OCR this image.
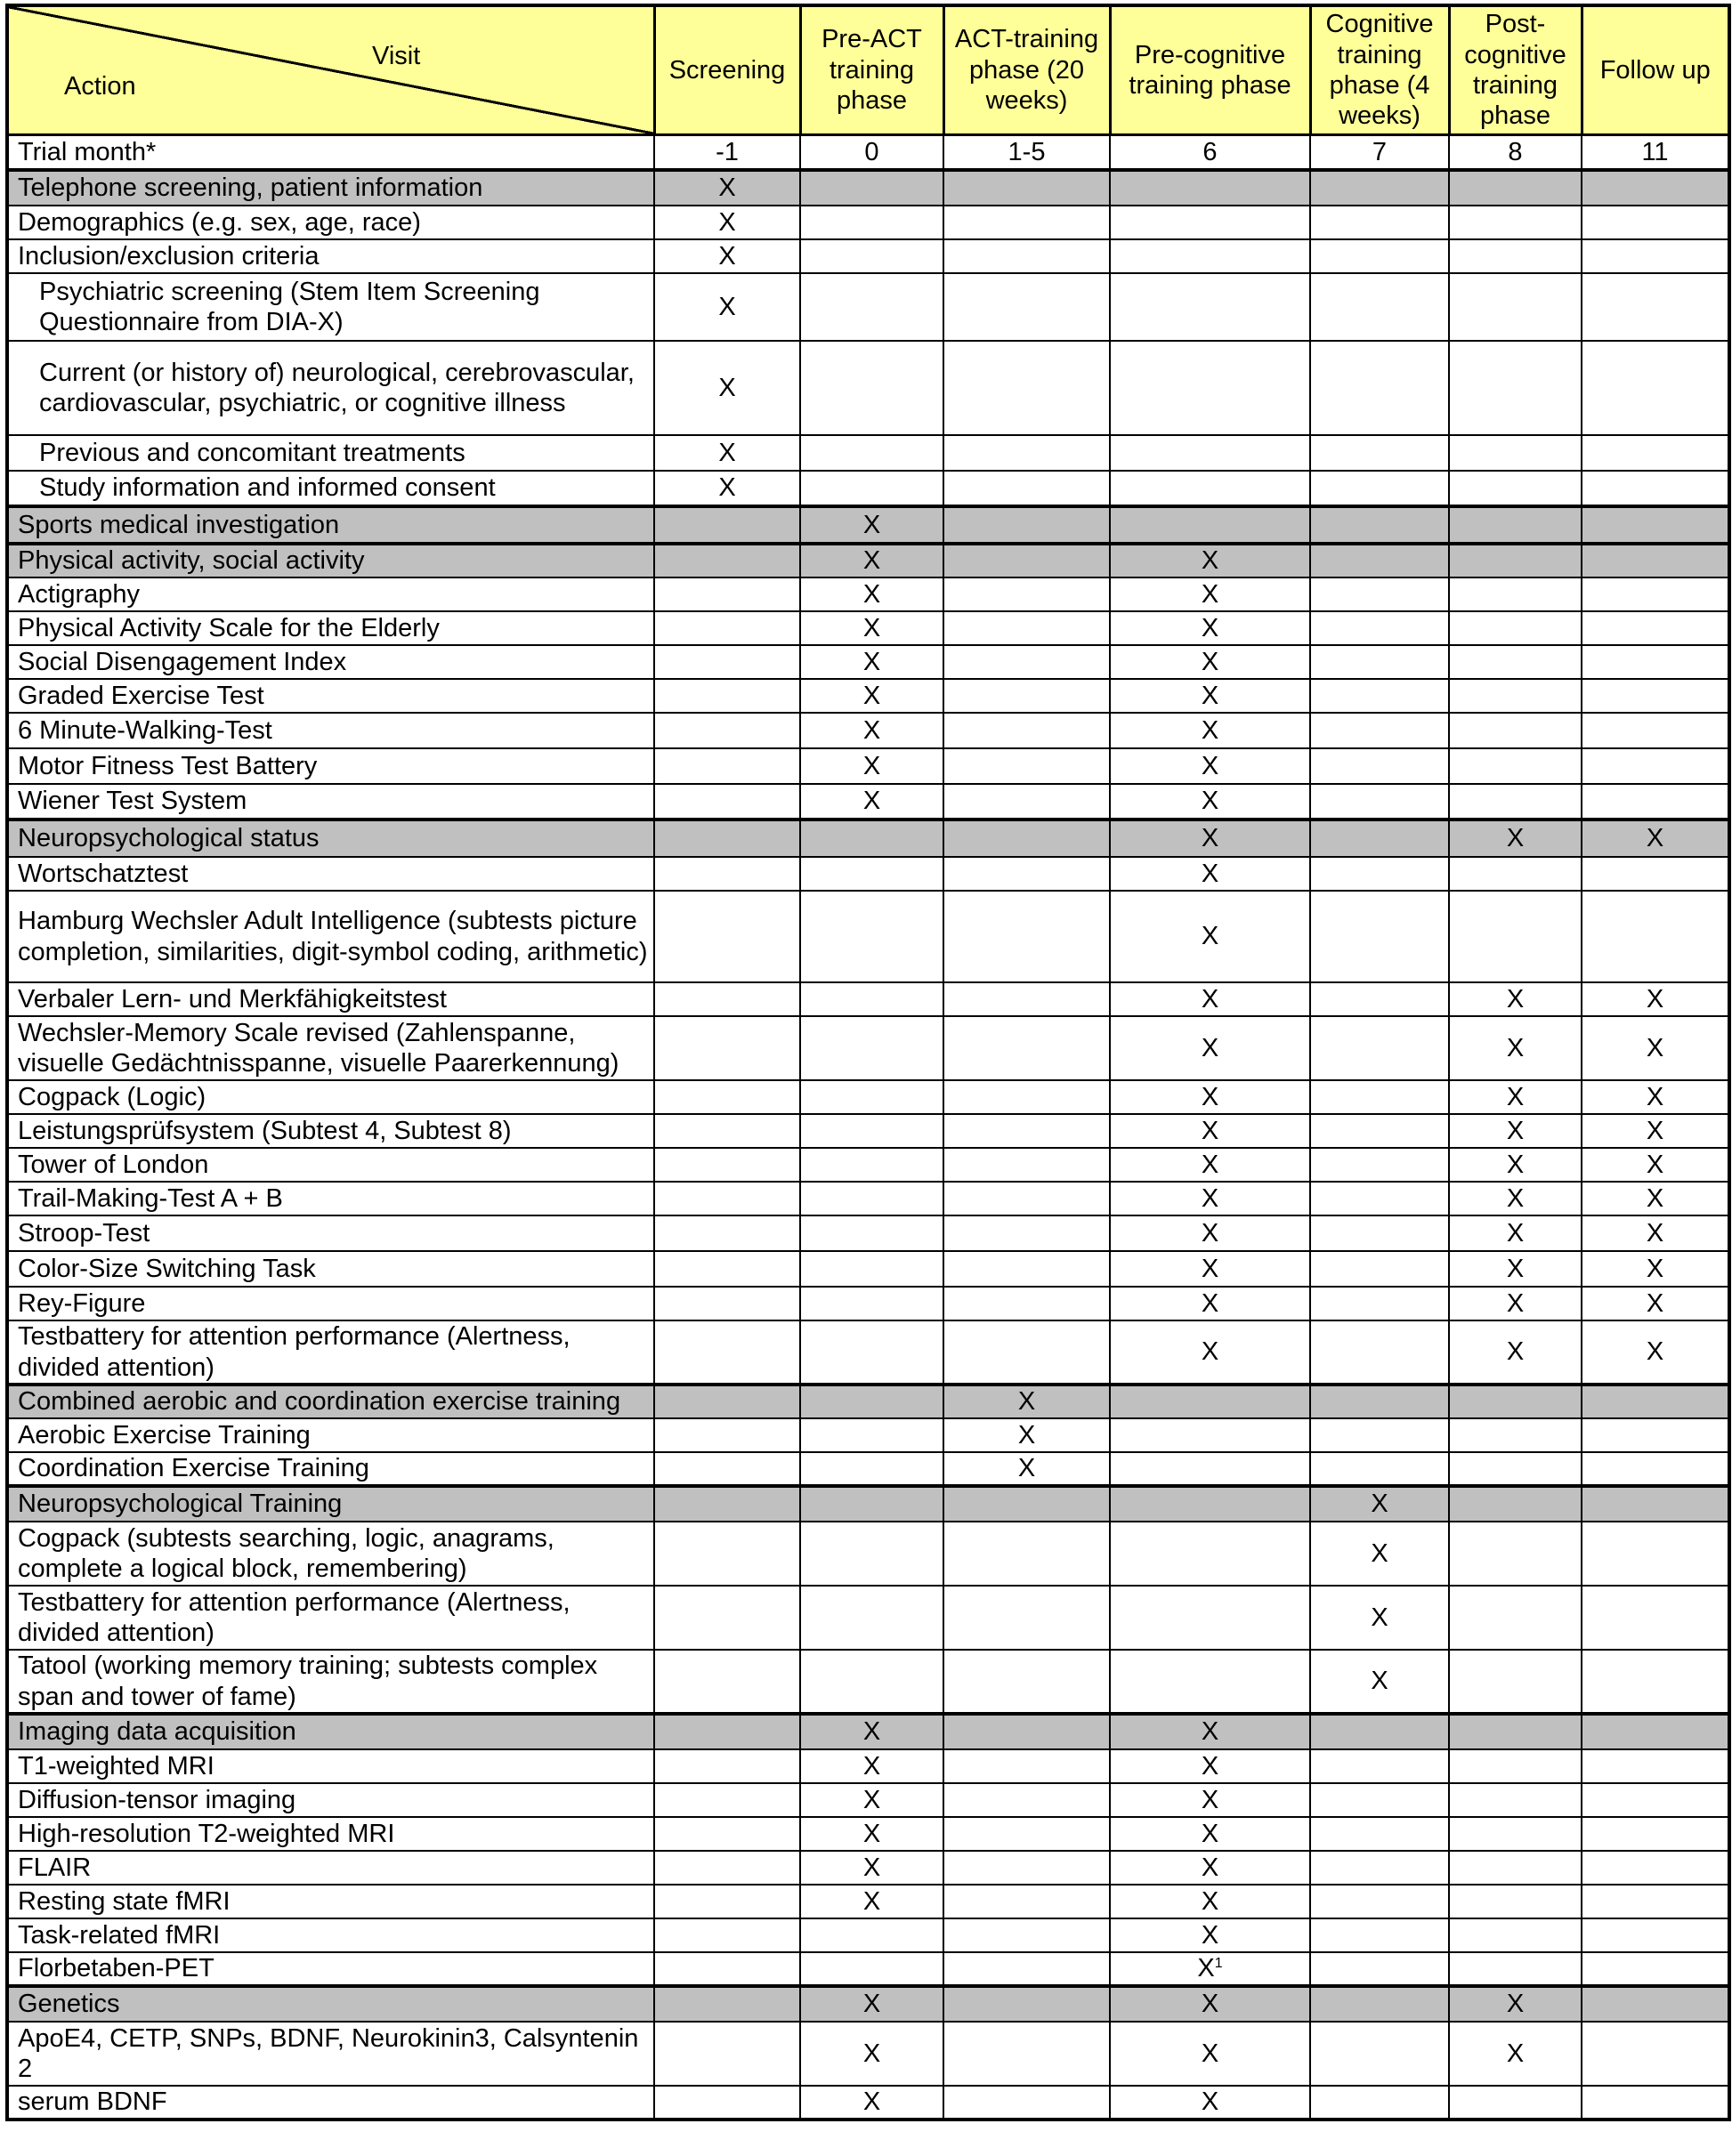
Visit
Action	Screening	Pre-ACT training phase	ACT-training phase (20 weeks)	Pre-cognitive training phase	Cognitive training phase (4 weeks)	Post-cognitive training phase	Follow up
Trial month*	-1	0	1-5	6	7	8	11
Telephone screening, patient information	X						
Demographics (e.g. sex, age, race)	X						
Inclusion/exclusion criteria	X						
Psychiatric screening (Stem Item Screening Questionnaire from DIA-X)	X						
Current (or history of) neurological, cerebrovascular, cardiovascular, psychiatric, or cognitive illness	X						
Previous and concomitant treatments	X						
Study information and informed consent	X						
Sports medical investigation		X					
Physical activity, social activity		X		X			
Actigraphy		X		X			
Physical Activity Scale for the Elderly		X		X			
Social Disengagement Index		X		X			
Graded Exercise Test		X		X			
6 Minute-Walking-Test		X		X			
Motor Fitness Test Battery		X		X			
Wiener Test System		X		X			
Neuropsychological status				X		X	X
Wortschatztest				X			
Hamburg Wechsler Adult Intelligence (subtests picture completion, similarities, digit-symbol coding, arithmetic)				X			
Verbaler Lern- und Merkfähigkeitstest				X		X	X
Wechsler-Memory Scale revised (Zahlenspanne, visuelle Gedächtnisspanne, visuelle Paarerkennung)				X		X	X
Cogpack (Logic)				X		X	X
Leistungsprüfsystem (Subtest 4, Subtest 8)				X		X	X
Tower of London				X		X	X
Trail-Making-Test A + B				X		X	X
Stroop-Test				X		X	X
Color-Size Switching Task				X		X	X
Rey-Figure				X		X	X
Testbattery for attention performance (Alertness, divided attention)				X		X	X
Combined aerobic and coordination exercise training			X				
Aerobic Exercise Training			X				
Coordination Exercise Training			X				
Neuropsychological Training					X		
Cogpack (subtests searching, logic, anagrams, complete a logical block, remembering)					X		
Testbattery for attention performance (Alertness, divided attention)					X		
Tatool (working memory training; subtests complex span and tower of fame)					X		
Imaging data acquisition		X		X			
T1-weighted MRI		X		X			
Diffusion-tensor imaging		X		X			
High-resolution T2-weighted MRI		X		X			
FLAIR		X		X			
Resting state fMRI		X		X			
Task-related fMRI				X			
Florbetaben-PET				$X^1$			
Genetics		X		X		X	
ApoE4, CETP, SNPs, BDNF, Neurokinin3, Calsyntenin 2		X		X		X	
serum BDNF		X		X			
